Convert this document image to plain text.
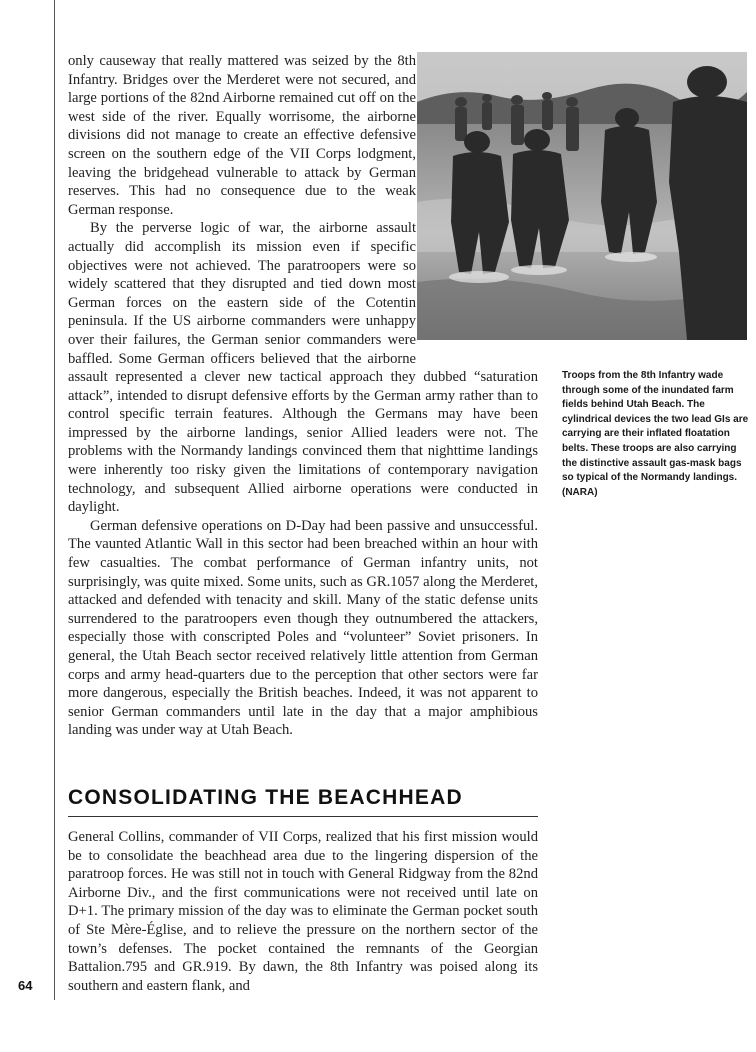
only causeway that really mattered was seized by the 8th Infantry. Bridges over the Merderet were not secured, and large portions of the 82nd Airborne remained cut off on the west side of the river. Equally worrisome, the airborne divisions did not manage to create an effective defensive screen on the southern edge of the VII Corps lodgment, leaving the bridgehead vulnerable to attack by German reserves. This had no consequence due to the weak German response.

By the perverse logic of war, the airborne assault actually did accomplish its mission even if specific objectives were not achieved. The paratroopers were so widely scattered that they disrupted and tied down most German forces on the eastern side of the Cotentin peninsula. If the US airborne commanders were unhappy over their failures, the German senior commanders were baffled. Some German officers believed that the airborne assault represented a clever new tactical approach they dubbed “saturation attack”, intended to disrupt defensive efforts by the German army rather than to control specific terrain features. Although the Germans may have been impressed by the airborne landings, senior Allied leaders were not. The problems with the Normandy landings convinced them that nighttime landings were inherently too risky given the limitations of contemporary navigation technology, and subsequent Allied airborne operations were conducted in daylight.

German defensive operations on D-Day had been passive and unsuccessful. The vaunted Atlantic Wall in this sector had been breached within an hour with few casualties. The combat performance of German infantry units, not surprisingly, was quite mixed. Some units, such as GR.1057 along the Merderet, attacked and defended with tenacity and skill. Many of the static defense units surrendered to the paratroopers even though they outnumbered the attackers, especially those with conscripted Poles and “volunteer” Soviet prisoners. In general, the Utah Beach sector received relatively little attention from German corps and army head-quarters due to the perception that other sectors were far more dangerous, especially the British beaches. Indeed, it was not apparent to senior German commanders until late in the day that a major amphibious landing was under way at Utah Beach.

Troops from the 8th Infantry wade through some of the inundated farm fields behind Utah Beach. The cylindrical devices the two lead GIs are carrying are their inflated floatation belts. These troops are also carrying the distinctive assault gas-mask bags so typical of the Normandy landings. (NARA)
CONSOLIDATING THE BEACHHEAD

General Collins, commander of VII Corps, realized that his first mission would be to consolidate the beachhead area due to the lingering dispersion of the paratroop forces. He was still not in touch with General Ridgway from the 82nd Airborne Div., and the first communications were not received until late on D+1. The primary mission of the day was to eliminate the German pocket south of Ste Mère-Église, and to relieve the pressure on the northern sector of the town’s defenses. The pocket contained the remnants of the Georgian Battalion.795 and GR.919. By dawn, the 8th Infantry was poised along its southern and eastern flank, and

64
